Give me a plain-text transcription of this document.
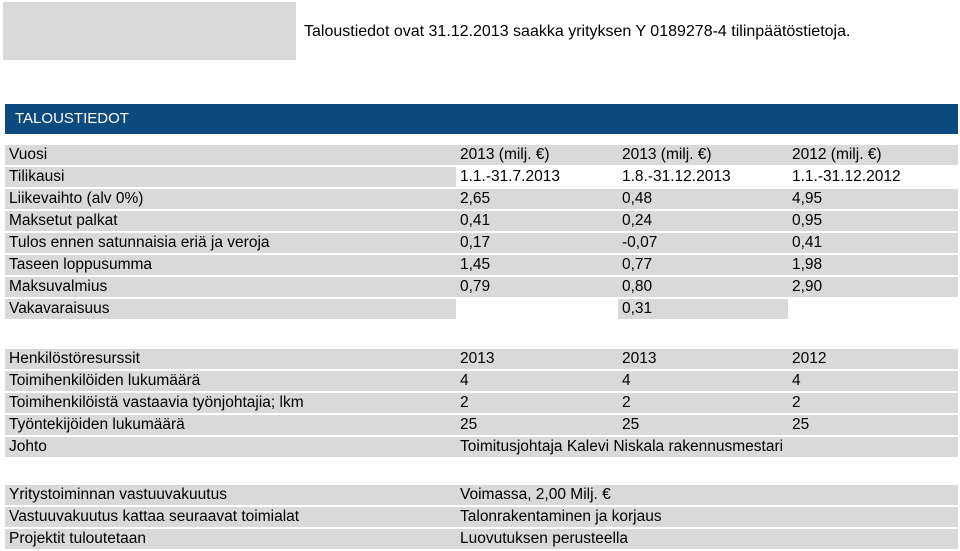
Taloustiedot ovat 31.12.2013 saakka yrityksen Y 0189278-4 tilinpäätöstietoja.
TALOUSTIEDOT
Vuosi	2013 (milj. €)	2013 (milj. €)	2012 (milj. €)
Tilikausi	1.1.-31.7.2013	1.8.-31.12.2013	1.1.-31.12.2012
Liikevaihto (alv 0%)	2,65	0,48	4,95
Maksetut palkat	0,41	0,24	0,95
Tulos ennen satunnaisia eriä ja veroja	0,17	-0,07	0,41
Taseen loppusumma	1,45	0,77	1,98
Maksuvalmius	0,79	0,80	2,90
Vakavaraisuus		0,31	
Henkilöstöresurssit	2013	2013	2012
Toimihenkilöiden lukumäärä	4	4	4
Toimihenkilöistä vastaavia työnjohtajia; lkm	2	2	2
Työntekijöiden lukumäärä	25	25	25
Johto	Toimitusjohtaja Kalevi Niskala rakennusmestari		
Yritystoiminnan vastuuvakuutus	Voimassa, 2,00 Milj. €
Vastuuvakuutus kattaa seuraavat toimialat	Talonrakentaminen ja korjaus
Projektit tuloutetaan	Luovutuksen perusteella
